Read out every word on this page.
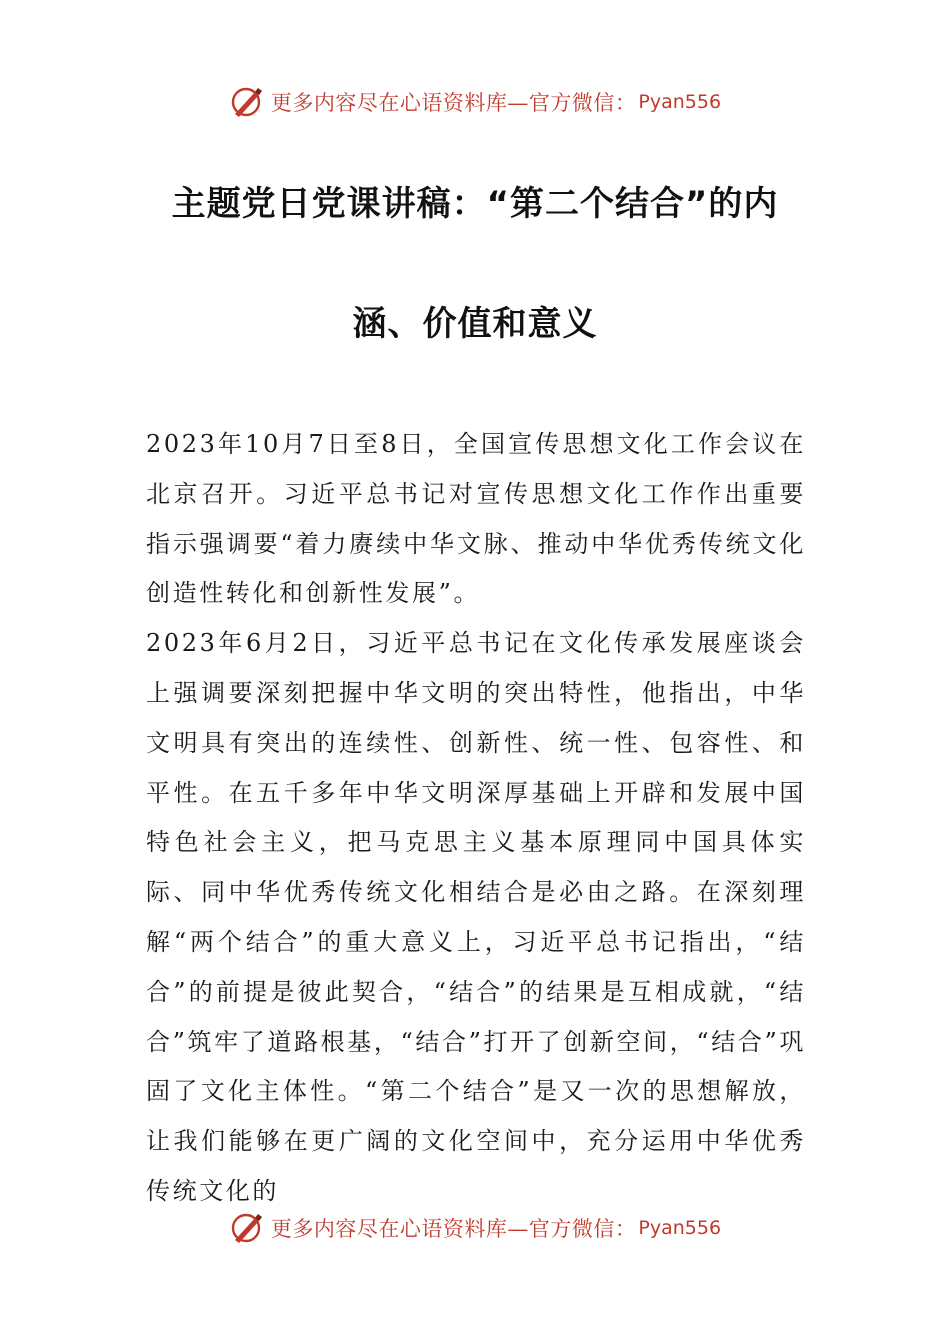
更多内容尽在心语资料库—官方微信： Pyan556
主题党日党课讲稿：“第二个结合”的内
涵、价值和意义

2023年10月7日至8日，全国宣传思想文化工作会议在北京召开。习近平总书记对宣传思想文化工作作出重要指示强调要“着力赓续中华文脉、推动中华优秀传统文化创造性转化和创新性发展”。

2023年6月2日，习近平总书记在文化传承发展座谈会上强调要深刻把握中华文明的突出特性，他指出，中华文明具有突出的连续性、创新性、统一性、包容性、和平性。在五千多年中华文明深厚基础上开辟和发展中国特色社会主义，把马克思主义基本原理同中国具体实际、同中华优秀传统文化相结合是必由之路。在深刻理解“两个结合”的重大意义上，习近平总书记指出，“结合”的前提是彼此契合，“结合”的结果是互相成就，“结合”筑牢了道路根基，“结合”打开了创新空间，“结合”巩固了文化主体性。“第二个结合”是又一次的思想解放，让我们能够在更广阔的文化空间中，充分运用中华优秀传统文化的

更多内容尽在心语资料库—官方微信： Pyan556
